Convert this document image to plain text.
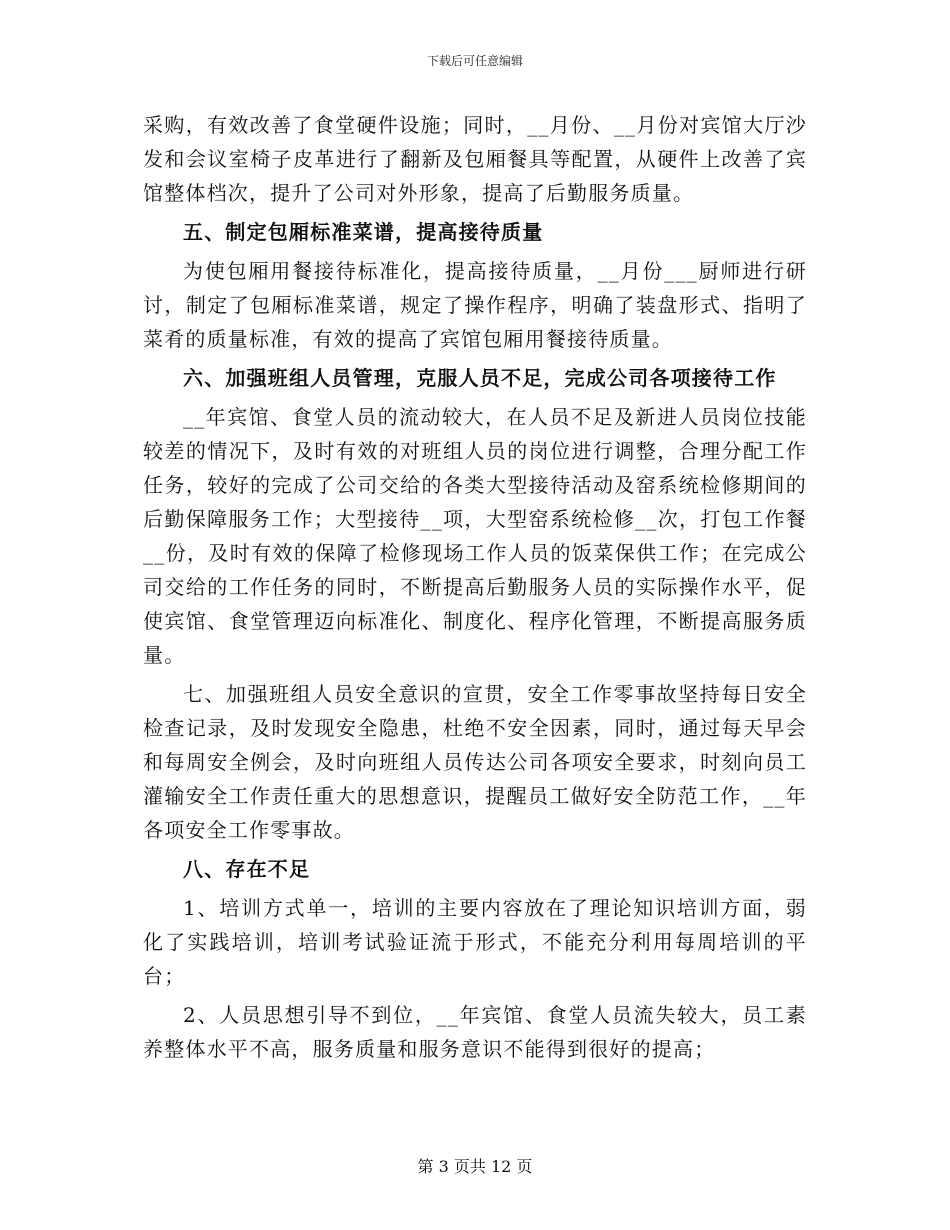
下载后可任意编辑

采购，有效改善了食堂硬件设施；同时，__月份、__月份对宾馆大厅沙发和会议室椅子皮革进行了翻新及包厢餐具等配置，从硬件上改善了宾馆整体档次，提升了公司对外形象，提高了后勤服务质量。

五、制定包厢标准菜谱，提高接待质量

为使包厢用餐接待标准化，提高接待质量，__月份___厨师进行研讨，制定了包厢标准菜谱，规定了操作程序，明确了装盘形式、指明了菜肴的质量标准，有效的提高了宾馆包厢用餐接待质量。

六、加强班组人员管理，克服人员不足，完成公司各项接待工作

__年宾馆、食堂人员的流动较大，在人员不足及新进人员岗位技能较差的情况下，及时有效的对班组人员的岗位进行调整，合理分配工作任务，较好的完成了公司交给的各类大型接待活动及窑系统检修期间的后勤保障服务工作；大型接待__项，大型窑系统检修__次，打包工作餐__份，及时有效的保障了检修现场工作人员的饭菜保供工作；在完成公司交给的工作任务的同时，不断提高后勤服务人员的实际操作水平，促使宾馆、食堂管理迈向标准化、制度化、程序化管理，不断提高服务质量。

七、加强班组人员安全意识的宣贯，安全工作零事故坚持每日安全检查记录，及时发现安全隐患，杜绝不安全因素，同时，通过每天早会和每周安全例会，及时向班组人员传达公司各项安全要求，时刻向员工灌输安全工作责任重大的思想意识，提醒员工做好安全防范工作，__年各项安全工作零事故。

八、存在不足

1、培训方式单一，培训的主要内容放在了理论知识培训方面，弱化了实践培训，培训考试验证流于形式，不能充分利用每周培训的平台；

2、人员思想引导不到位，__年宾馆、食堂人员流失较大，员工素养整体水平不高，服务质量和服务意识不能得到很好的提高；

第 3 页共 12 页
